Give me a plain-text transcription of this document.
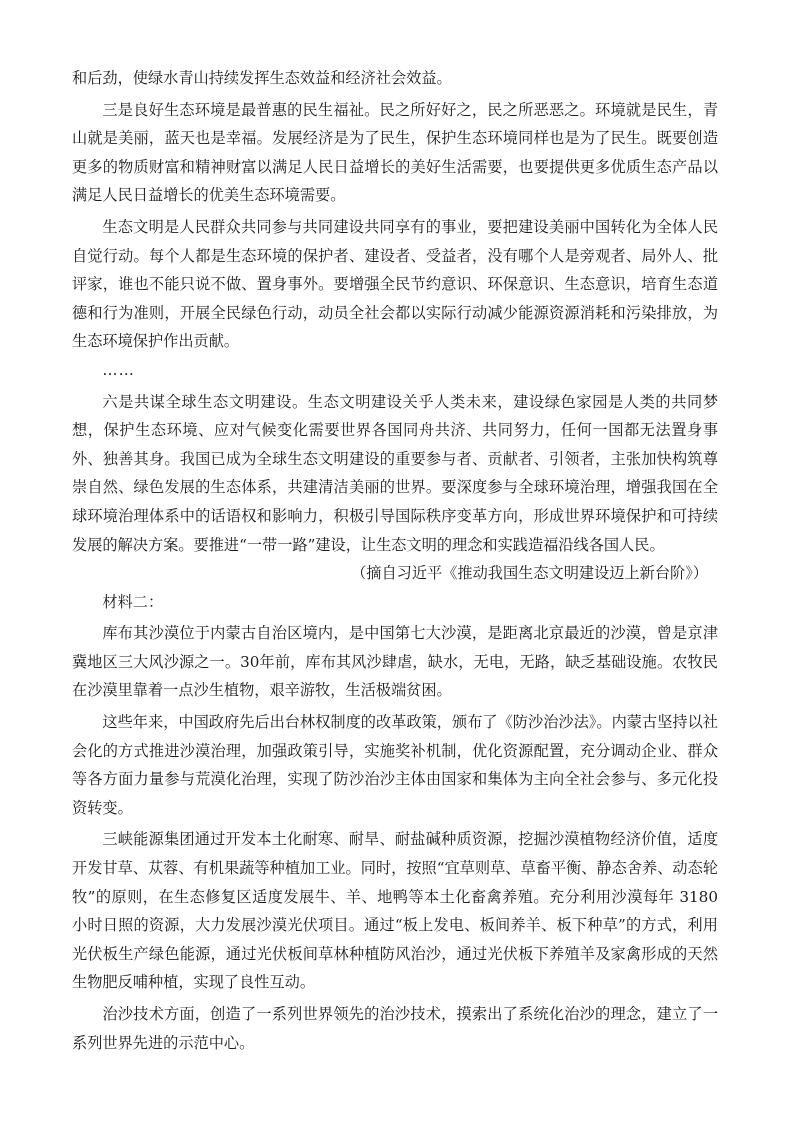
和后劲，使绿水青山持续发挥生态效益和经济社会效益。

三是良好生态环境是最普惠的民生福祉。民之所好好之，民之所恶恶之。环境就是民生，青山就是美丽，蓝天也是幸福。发展经济是为了民生，保护生态环境同样也是为了民生。既要创造更多的物质财富和精神财富以满足人民日益增长的美好生活需要，也要提供更多优质生态产品以满足人民日益增长的优美生态环境需要。

生态文明是人民群众共同参与共同建设共同享有的事业，要把建设美丽中国转化为全体人民自觉行动。每个人都是生态环境的保护者、建设者、受益者，没有哪个人是旁观者、局外人、批评家，谁也不能只说不做、置身事外。要增强全民节约意识、环保意识、生态意识，培育生态道德和行为准则，开展全民绿色行动，动员全社会都以实际行动减少能源资源消耗和污染排放，为生态环境保护作出贡献。

……

六是共谋全球生态文明建设。生态文明建设关乎人类未来，建设绿色家园是人类的共同梦想，保护生态环境、应对气候变化需要世界各国同舟共济、共同努力，任何一国都无法置身事外、独善其身。我国已成为全球生态文明建设的重要参与者、贡献者、引领者，主张加快构筑尊崇自然、绿色发展的生态体系，共建清洁美丽的世界。要深度参与全球环境治理，增强我国在全球环境治理体系中的话语权和影响力，积极引导国际秩序变革方向，形成世界环境保护和可持续发展的解决方案。要推进“一带一路”建设，让生态文明的理念和实践造福沿线各国人民。

（摘自习近平《推动我国生态文明建设迈上新台阶》）

材料二：

库布其沙漠位于内蒙古自治区境内，是中国第七大沙漠，是距离北京最近的沙漠，曾是京津冀地区三大风沙源之一。30年前，库布其风沙肆虐，缺水，无电，无路，缺乏基础设施。农牧民在沙漠里靠着一点沙生植物，艰辛游牧，生活极端贫困。

这些年来，中国政府先后出台林权制度的改革政策，颁布了《防沙治沙法》。内蒙古坚持以社会化的方式推进沙漠治理，加强政策引导，实施奖补机制，优化资源配置，充分调动企业、群众等各方面力量参与荒漠化治理，实现了防沙治沙主体由国家和集体为主向全社会参与、多元化投资转变。

三峡能源集团通过开发本土化耐寒、耐旱、耐盐碱种质资源，挖掘沙漠植物经济价值，适度开发甘草、苁蓉、有机果蔬等种植加工业。同时，按照“宜草则草、草畜平衡、静态舍养、动态轮牧”的原则，在生态修复区适度发展牛、羊、地鸭等本土化畜禽养殖。充分利用沙漠每年 3180 小时日照的资源，大力发展沙漠光伏项目。通过“板上发电、板间养羊、板下种草”的方式，利用光伏板生产绿色能源，通过光伏板间草林种植防风治沙，通过光伏板下养殖羊及家禽形成的天然生物肥反哺种植，实现了良性互动。

治沙技术方面，创造了一系列世界领先的治沙技术，摸索出了系统化治沙的理念，建立了一系列世界先进的示范中心。
